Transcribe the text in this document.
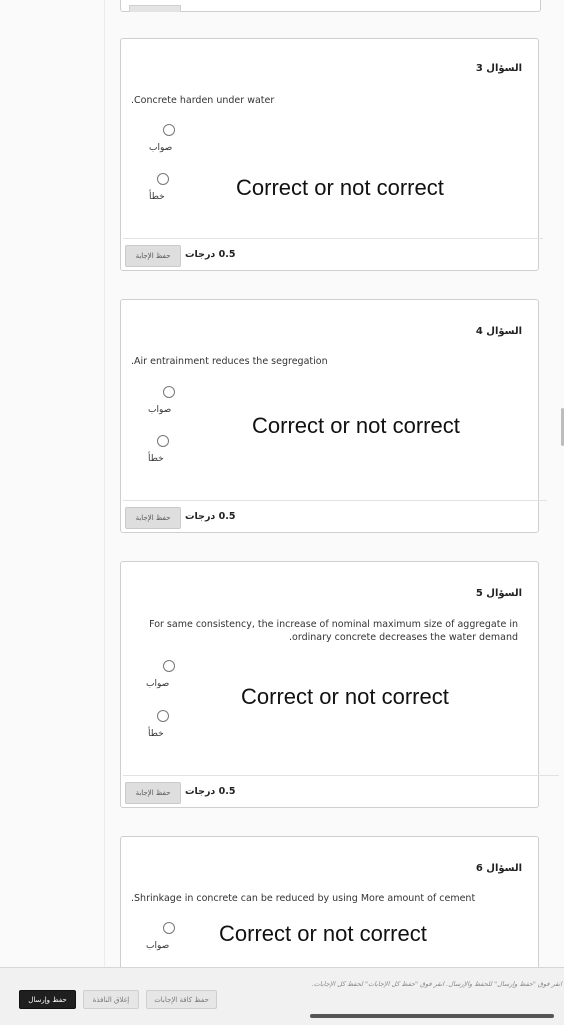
السؤال 3
Concrete harden under water.
صواب
خطأ	Correct or not correct
حفظ الإجابة	0.5 درجات
السؤال 4
Air entrainment reduces the segregation.
صواب
خطأ
Correct or not correct
حفظ الإجابة	0.5 درجات
السؤال 5
For same consistency, the increase of nominal maximum size of aggregate in ordinary concrete decreases the water demand.
صواب
خطأ
Correct or not correct
حفظ الإجابة	0.5 درجات
السؤال 6
Shrinkage in concrete can be reduced by using More amount of cement.
صواب Correct or not correct
انقر فوق "حفظ وإرسال" للحفظ والإرسال. انقر فوق "حفظ كل الإجابات" لحفظ كل الإجابات.
حفظ وإرسال	إغلاق النافذة	حفظ كافة الإجابات
